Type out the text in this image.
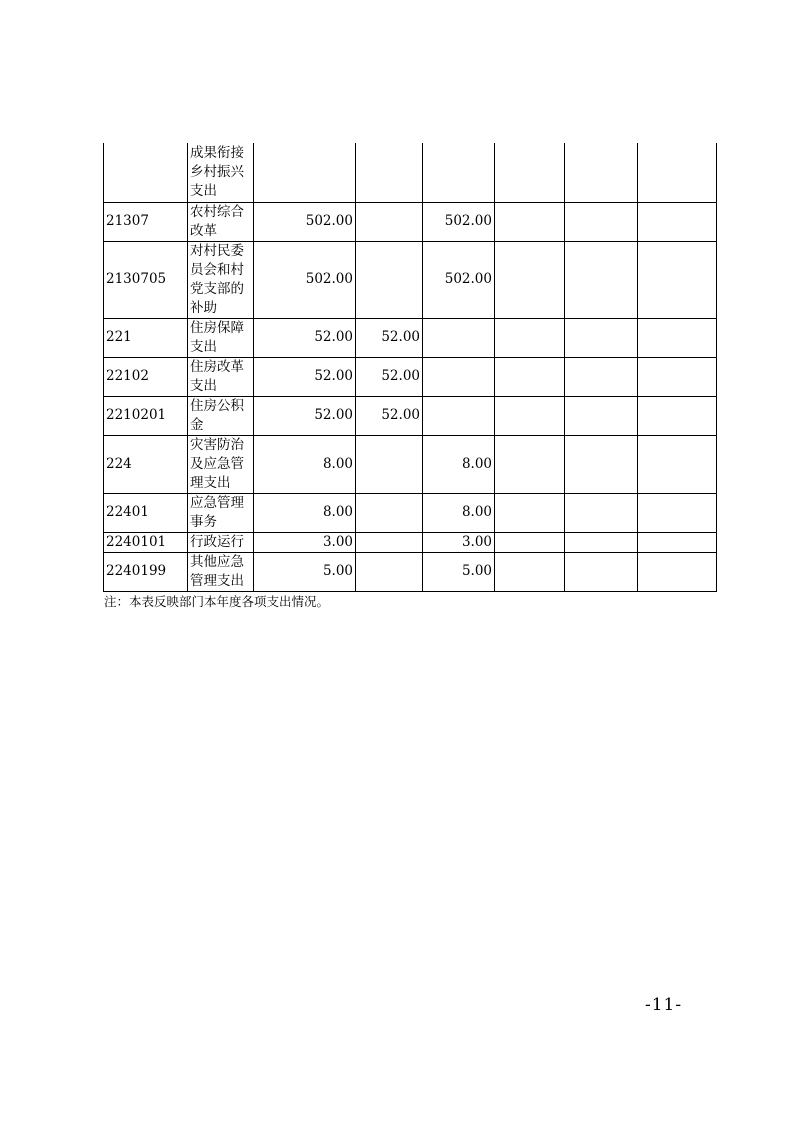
	成果衔接
乡村振兴
支出						
21307	农村综合
改革	502.00		502.00			
2130705	对村民委
员会和村
党支部的
补助	502.00		502.00			
221	住房保障
支出	52.00	52.00				
22102	住房改革
支出	52.00	52.00				
2210201	住房公积
金	52.00	52.00				
224	灾害防治
及应急管
理支出	8.00		8.00			
22401	应急管理
事务	8.00		8.00			
2240101	行政运行	3.00		3.00			
2240199	其他应急
管理支出	5.00		5.00			
注：本表反映部门本年度各项支出情况。
-11-
